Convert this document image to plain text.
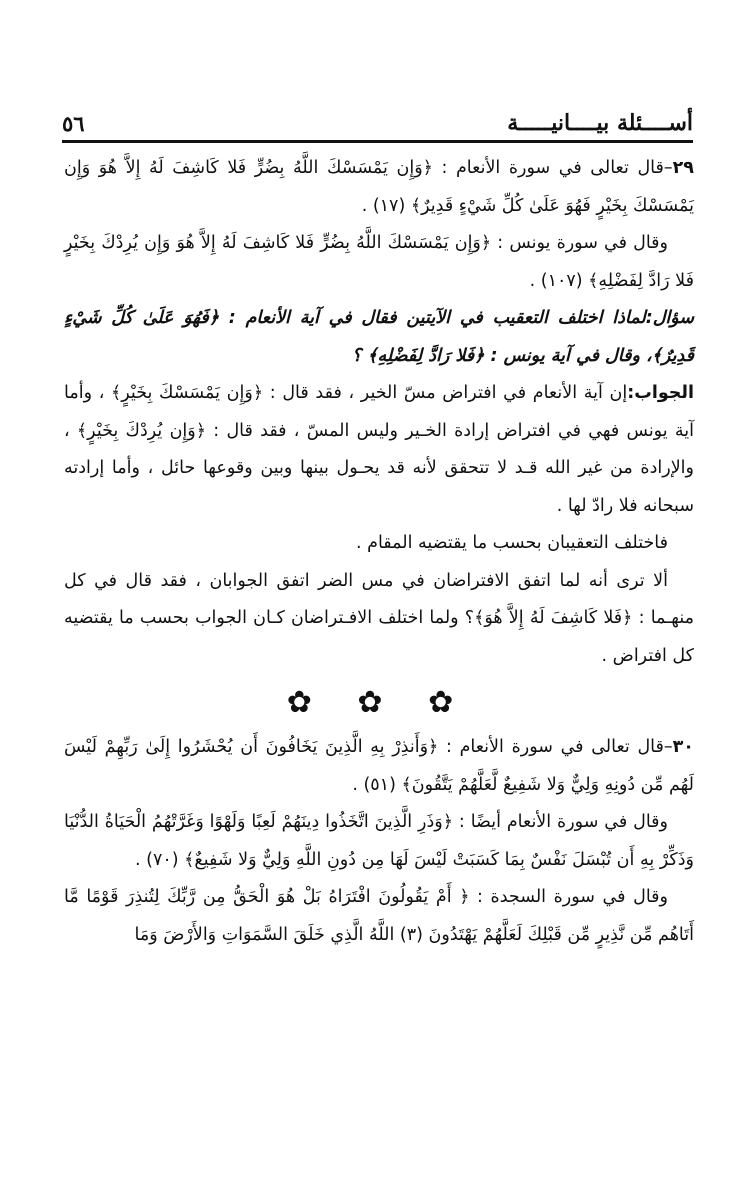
أســــئلة بيــــانيـــــة
٥٦

٢٩–قال تعالى في سورة الأنعام : ﴿وَإِن يَمْسَسْكَ اللَّهُ بِضُرٍّ فَلا كَاشِفَ لَهُ إِلاَّ هُوَ وَإِن يَمْسَسْكَ بِخَيْرٍ فَهُوَ عَلَىٰ كُلِّ شَيْءٍ قَدِيرٌ﴾ (١٧) .

وقال في سورة يونس : ﴿وَإِن يَمْسَسْكَ اللَّهُ بِضُرٍّ فَلا كَاشِفَ لَهُ إِلاَّ هُوَ وَإِن يُرِدْكَ بِخَيْرٍ فَلا رَادَّ لِفَضْلِهِ﴾ (١٠٧) .

سؤال:لماذا اختلف التعقيب في الآيتين فقال في آية الأنعام : ﴿فَهُوَ عَلَىٰ كُلِّ شَيْءٍ قَدِيرٌ﴾، وقال في آية يونس : ﴿فَلا رَادَّ لِفَضْلِهِ﴾ ؟

الجواب:إن آية الأنعام في افتراض مسّ الخير ، فقد قال : ﴿وَإِن يَمْسَسْكَ بِخَيْرٍ﴾ ، وأما آية يونس فهي في افتراض إرادة الخـير وليس المسّ ، فقد قال : ﴿وَإِن يُرِدْكَ بِخَيْرٍ﴾ ، والإرادة من غير الله قـد لا تتحقق لأنه قد يحـول بينها وبين وقوعها حائل ، وأما إرادته سبحانه فلا رادّ لها .

فاختلف التعقيبان بحسب ما يقتضيه المقام .

ألا ترى أنه لما اتفق الافتراضان في مس الضر اتفق الجوابان ، فقد قال في كل منهـما : ﴿فَلا كَاشِفَ لَهُ إِلاَّ هُوَ﴾؟ ولما اختلف الافـتراضان كـان الجواب بحسب ما يقتضيه كل افتراض .

✿ ✿ ✿

٣٠–قال تعالى في سورة الأنعام : ﴿وَأَنذِرْ بِهِ الَّذِينَ يَخَافُونَ أَن يُحْشَرُوا إِلَىٰ رَبِّهِمْ لَيْسَ لَهُم مِّن دُونِهِ وَلِيٌّ وَلا شَفِيعٌ لَّعَلَّهُمْ يَتَّقُونَ﴾ (٥١) .

وقال في سورة الأنعام أيضًا : ﴿وَذَرِ الَّذِينَ اتَّخَذُوا دِينَهُمْ لَعِبًا وَلَهْوًا وَغَرَّتْهُمُ الْحَيَاةُ الدُّنْيَا وَذَكِّرْ بِهِ أَن تُبْسَلَ نَفْسٌ بِمَا كَسَبَتْ لَيْسَ لَهَا مِن دُونِ اللَّهِ وَلِيٌّ وَلا شَفِيعٌ﴾ (٧٠) .

وقال في سورة السجدة : ﴿ أَمْ يَقُولُونَ افْتَرَاهُ بَلْ هُوَ الْحَقُّ مِن رَّبِّكَ لِتُنذِرَ قَوْمًا مَّا أَتَاهُم مِّن نَّذِيرٍ مِّن قَبْلِكَ لَعَلَّهُمْ يَهْتَدُونَ (٣) اللَّهُ الَّذِي خَلَقَ السَّمَوَاتِ وَالأَرْضَ وَمَا
